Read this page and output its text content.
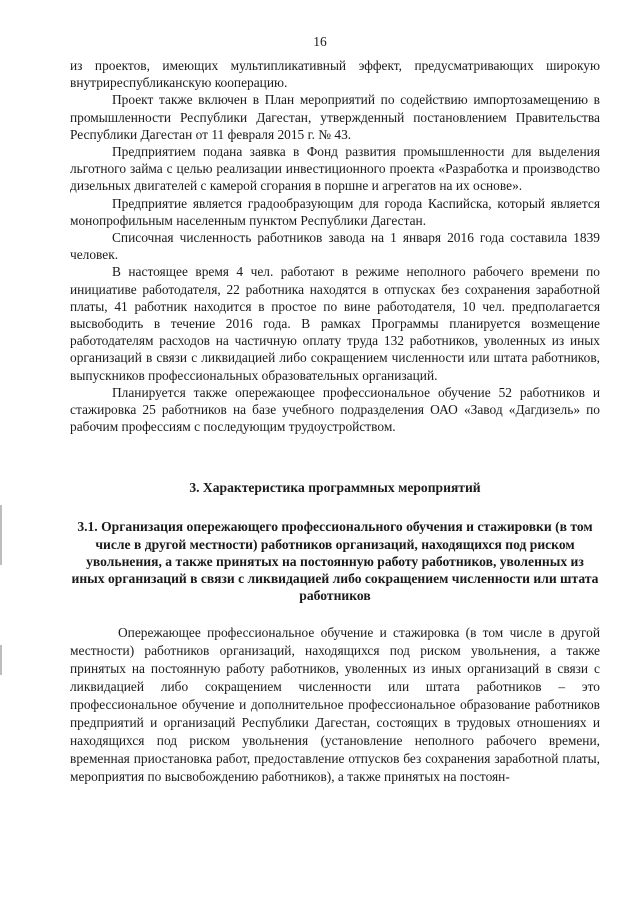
16

из проектов, имеющих мультипликативный эффект, предусматривающих широкую внутриреспубликанскую кооперацию.

Проект также включен в План мероприятий по содействию импортозамещению в промышленности Республики Дагестан, утвержденный постановлением Правительства Республики Дагестан от 11 февраля 2015 г. № 43.

Предприятием подана заявка в Фонд развития промышленности для выделения льготного займа с целью реализации инвестиционного проекта «Разработка и производство дизельных двигателей с камерой сгорания в поршне и агрегатов на их основе».

Предприятие является градообразующим для города Каспийска, который является монопрофильным населенным пунктом Республики Дагестан.

Списочная численность работников завода на 1 января 2016 года составила 1839 человек.

В настоящее время 4 чел. работают в режиме неполного рабочего времени по инициативе работодателя, 22 работника находятся в отпусках без сохранения заработной платы, 41 работник находится в простое по вине работодателя, 10 чел. предполагается высвободить в течение 2016 года. В рамках Программы планируется возмещение работодателям расходов на частичную оплату труда 132 работников, уволенных из иных организаций в связи с ликвидацией либо сокращением численности или штата работников, выпускников профессиональных образовательных организаций.

Планируется также опережающее профессиональное обучение 52 работников и стажировка 25 работников на базе учебного подразделения ОАО «Завод «Дагдизель» по рабочим профессиям с последующим трудоустройством.

3. Характеристика программных мероприятий
3.1. Организация опережающего профессионального обучения и стажировки (в том числе в другой местности) работников организаций, находящихся под риском увольнения, а также принятых на постоянную работу работников, уволенных из иных организаций в связи с ликвидацией либо сокращением численности или штата работников

Опережающее профессиональное обучение и стажировка (в том числе в другой местности) работников организаций, находящихся под риском увольнения, а также принятых на постоянную работу работников, уволенных из иных организаций в связи с ликвидацией либо сокращением численности или штата работников – это профессиональное обучение и дополнительное профессиональное образование работников предприятий и организаций Республики Дагестан, состоящих в трудовых отношениях и находящихся под риском увольнения (установление неполного рабочего времени, временная приостановка работ, предоставление отпусков без сохранения заработной платы, мероприятия по высвобождению работников), а также принятых на постоян-
